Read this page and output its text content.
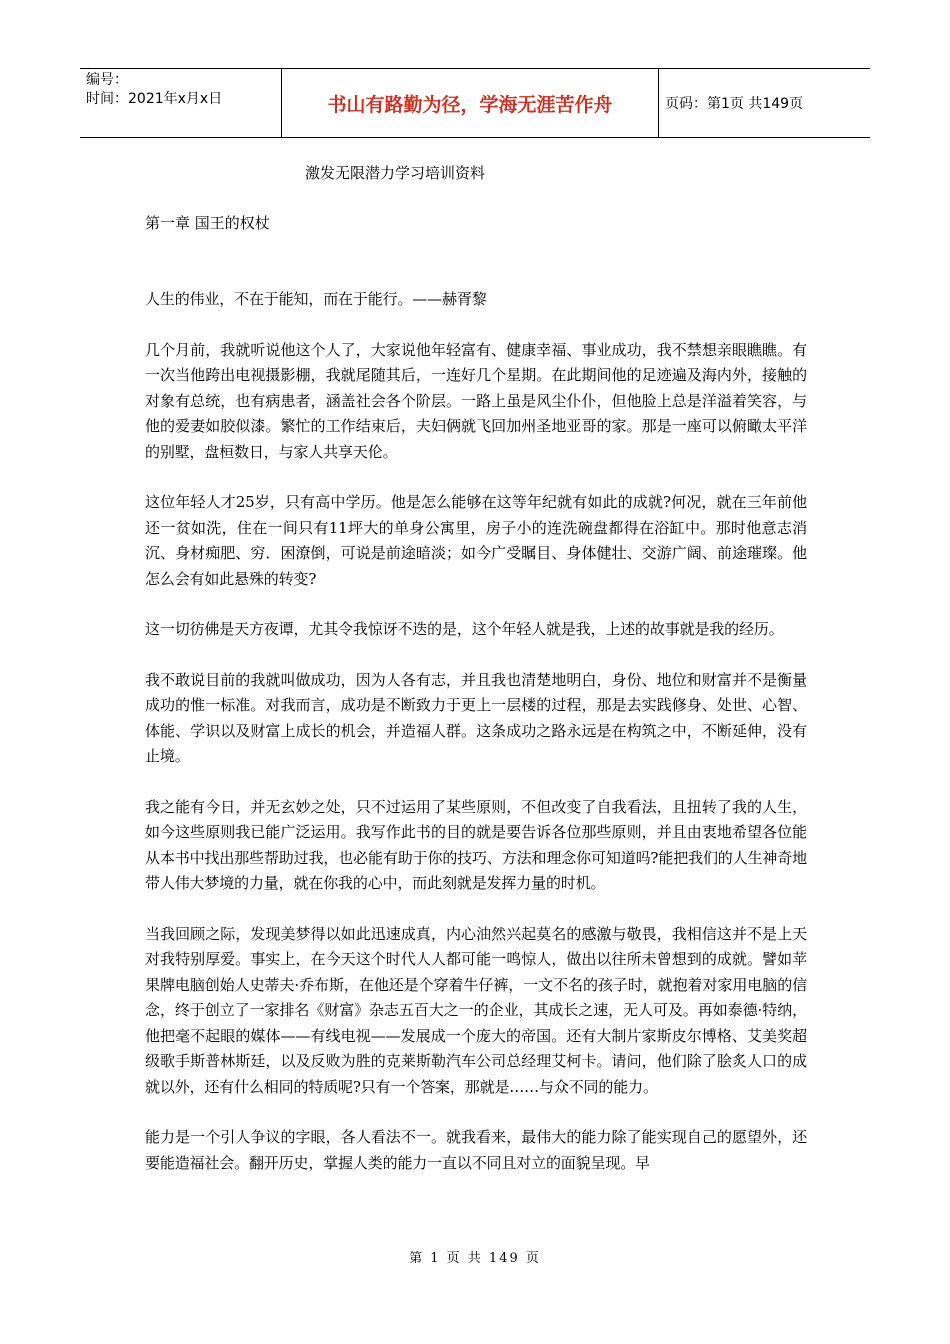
编号：
时间：2021年x月x日	书山有路勤为径，学海无涯苦作舟	页码：第1页 共149页
激发无限潜力学习培训资料
第一章 国王的权杖

人生的伟业，不在于能知，而在于能行。——赫胥黎

几个月前，我就听说他这个人了，大家说他年轻富有、健康幸福、事业成功，我不禁想亲眼瞧瞧。有一次当他跨出电视摄影棚，我就尾随其后，一连好几个星期。在此期间他的足迹遍及海内外，接触的对象有总统，也有病患者，涵盖社会各个阶层。一路上虽是风尘仆仆，但他脸上总是洋溢着笑容，与他的爱妻如胶似漆。繁忙的工作结束后，夫妇俩就飞回加州圣地亚哥的家。那是一座可以俯瞰太平洋的别墅，盘桓数日，与家人共享天伦。

这位年轻人才25岁，只有高中学历。他是怎么能够在这等年纪就有如此的成就?何况，就在三年前他还一贫如洗，住在一间只有11坪大的单身公寓里，房子小的连洗碗盘都得在浴缸中。那时他意志消沉、身材痴肥、穷．困潦倒，可说是前途暗淡；如今广受瞩目、身体健壮、交游广阔、前途璀璨。他怎么会有如此悬殊的转变?

这一切彷佛是天方夜谭，尤其令我惊讶不迭的是，这个年轻人就是我，上述的故事就是我的经历。

我不敢说目前的我就叫做成功，因为人各有志，并且我也清楚地明白，身份、地位和财富并不是衡量成功的惟一标准。对我而言，成功是不断致力于更上一层楼的过程，那是去实践修身、处世、心智、体能、学识以及财富上成长的机会，并造福人群。这条成功之路永远是在构筑之中，不断延伸，没有止境。

我之能有今日，并无玄妙之处，只不过运用了某些原则，不但改变了自我看法，且扭转了我的人生，如今这些原则我已能广泛运用。我写作此书的目的就是要告诉各位那些原则，并且由衷地希望各位能从本书中找出那些帮助过我，也必能有助于你的技巧、方法和理念你可知道吗?能把我们的人生神奇地带人伟大梦境的力量，就在你我的心中，而此刻就是发挥力量的时机。

当我回顾之际，发现美梦得以如此迅速成真，内心油然兴起莫名的感激与敬畏，我相信这并不是上天对我特别厚爱。事实上，在今天这个时代人人都可能一鸣惊人，做出以往所未曾想到的成就。譬如苹果牌电脑创始人史蒂夫·乔布斯，在他还是个穿着牛仔裤，一文不名的孩子时，就抱着对家用电脑的信念，终于创立了一家排名《财富》杂志五百大之一的企业，其成长之速，无人可及。再如泰德·特纳，他把毫不起眼的媒体——有线电视——发展成一个庞大的帝国。还有大制片家斯皮尔博格、艾美奖超级歌手斯普林斯廷，以及反败为胜的克莱斯勒汽车公司总经理艾柯卡。请问，他们除了脍炙人口的成就以外，还有什么相同的特质呢?只有一个答案，那就是……与众不同的能力。

能力是一个引人争议的字眼，各人看法不一。就我看来，最伟大的能力除了能实现自己的愿望外，还要能造福社会。翻开历史，掌握人类的能力一直以不同且对立的面貌呈现。早

第 1 页 共 149 页
